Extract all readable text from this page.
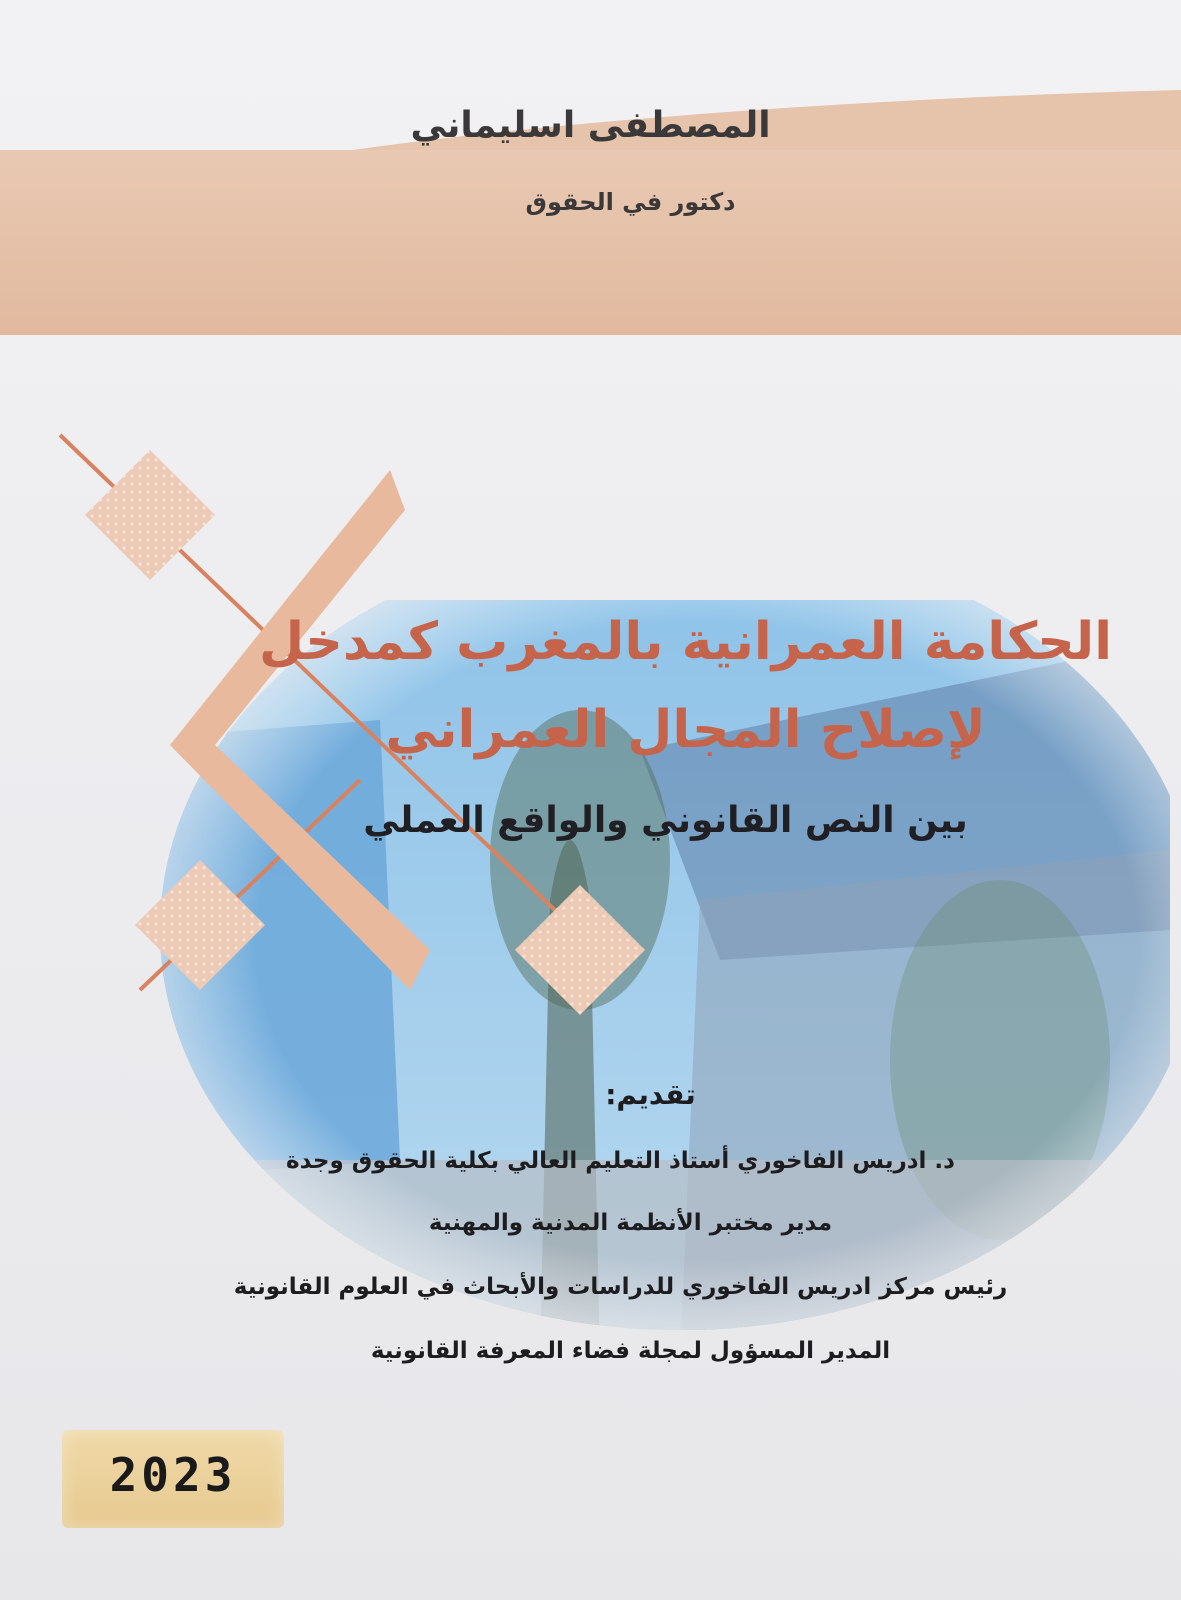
المصطفى اسليماني
دكتور في الحقوق
الحكامة العمرانية بالمغرب كمدخل
لإصلاح المجال العمراني
بين النص القانوني والواقع العملي
تقديم:
د. ادريس الفاخوري أستاذ التعليم العالي بكلية الحقوق وجدة
مدير مختبر الأنظمة المدنية والمهنية
رئيس مركز ادريس الفاخوري للدراسات والأبحاث في العلوم القانونية
المدير المسؤول لمجلة فضاء المعرفة القانونية
2023
